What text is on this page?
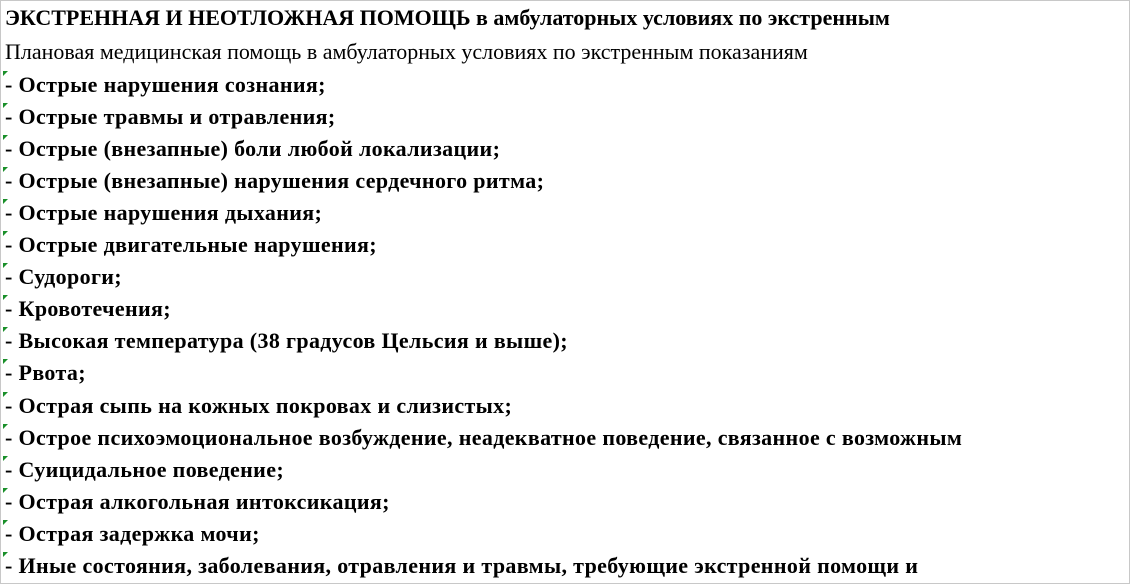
ЭКСТРЕННАЯ И НЕОТЛОЖНАЯ ПОМОЩЬ в амбулаторных условиях по экстренным
Плановая медицинская помощь в амбулаторных условиях по экстренным показаниям
- Острые нарушения сознания;
- Острые травмы и отравления;
- Острые (внезапные) боли любой локализации;
- Острые (внезапные) нарушения сердечного ритма;
- Острые нарушения дыхания;
- Острые двигательные нарушения;
- Судороги;
- Кровотечения;
- Высокая температура (38 градусов Цельсия и выше);
- Рвота;
- Острая сыпь на кожных покровах и слизистых;
- Острое психоэмоциональное возбуждение, неадекватное поведение, связанное с возможным
- Суицидальное поведение;
- Острая алкогольная интоксикация;
- Острая задержка мочи;
- Иные состояния, заболевания, отравления и травмы, требующие экстренной помощи и
